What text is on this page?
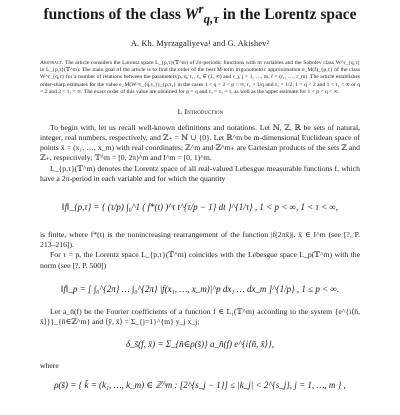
functions of the class $W^r_{q,\tau}$ in the Lorentz space
A. Kh. Myrzagaliyeva¹ and G. Akishev²
Abstract. The article considers the Lorentz space L_{p,τ}(𝕋^m) of 2π-periodic functions with m variables and the Sobolev class W^r_{q,τ} in L_{p,τ}(𝕋^m). The main goal of the article is to find the order of the best M-term trigonometric approximation e_M(f)_{p,τ} of the class W^r_{q,τ} for a number of relations between the parameters p, q, τ₁, τ₂ ∈ (1, ∞) and r_j, j = 1, …, m, r̄ = (r₁, …, r_m). The article establishes order-sharp estimates for the value e_M(W^r_{q,τ₁})_{p,τ₂} in the cases 1 < q < 2 < p < ∞, r₁ > 1/q and τ₁ = 1/2, 1 < q < 2 and 1 < τ₁ < ∞ or q = 2 and 2 < τ₁ < ∞. The exact order of this value are obtained for p = q and τ₂ = τ₁ = τ, as well as the upper estimate for 1 < p < q < ∞.
1. Introduction

To begin with, let us recall well-known definitions and notations. Let ℕ, ℤ, ℝ be sets of natural, integer, real numbers, respectively, and ℤ₊ = ℕ ∪ {0}. Let ℝ^m be m-dimensional Euclidean space of points x̄ = (x₁, …, x_m) with real coordinates; ℤ^m and ℤ^m₊ are Cartesian products of the sets ℤ and ℤ₊, respectively; 𝕋^m = [0, 2π)^m and I^m = [0, 1)^m.

L_{p,τ}(𝕋^m) denotes the Lorentz space of all real-valued Lebesgue measurable functions f, which have a 2π-period in each variable and for which the quantity

‖f‖_{p,τ} = { (τ/p) ∫₀^1 ( f*(t) )^τ t^{τ/p − 1} dt }^{1/τ} , 1 < p < ∞, 1 < τ < ∞,

is finite, where f*(t) is the nonincreasing rearrangement of the function |f(2πx̄)|, x̄ ∈ I^m (see [?, P. 213–216]).

For τ = p, the Lorentz space L_{p,τ}(𝕋^m) coincides with the Lebesgue space L_p(𝕋^m) with the norm (see [?, P. 500])

‖f‖_p = [ ∫₀^{2π} … ∫₀^{2π} |f(x₁, …, x_m)|^p dx₁ … dx_m ]^{1/p} , 1 ≤ p < ∞.

Let a_n̄(f) be the Fourier coefficients of a function f ∈ L₁(𝕋^m) according to the system {e^{i⟨n̄, x̄⟩}}_{n̄∈ℤ^m} and ⟨ȳ, x̄⟩ = Σ_{j=1}^{m} y_j x_j;

δ_s̄(f, x̄) = Σ_{n̄∈ρ(s̄)} a_n̄(f) e^{i⟨n̄, x̄⟩},

where

ρ(s̄) = { k̄ = (k₁, …, k_m) ∈ ℤ^m : [2^{s_j − 1}] ≤ |k_j| < 2^{s_j}, j = 1, …, m } ,
